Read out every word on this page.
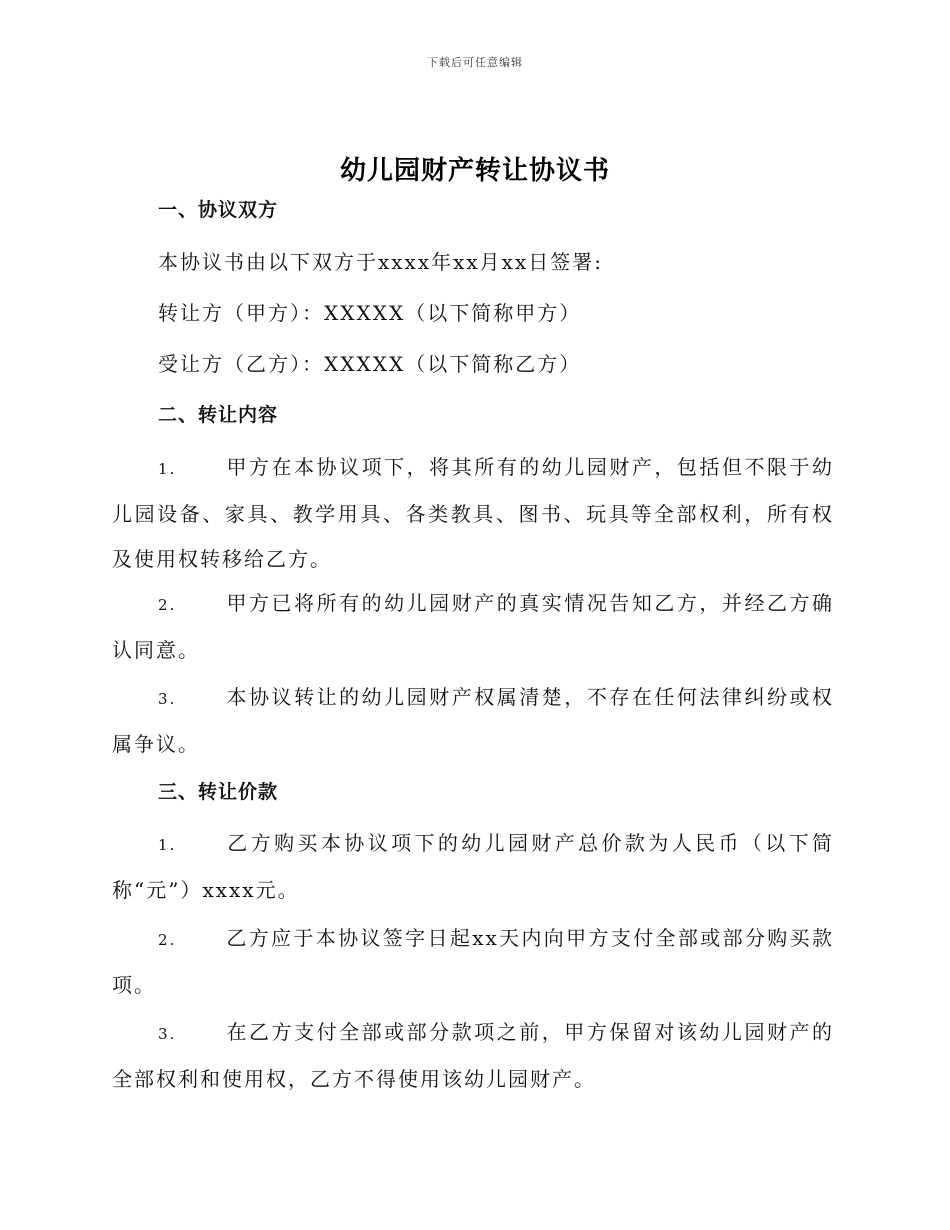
下载后可任意编辑
幼儿园财产转让协议书
一、协议双方
本协议书由以下双方于xxxx年xx月xx日签署:
转让方（甲方）：XXXXX（以下简称甲方）
受让方（乙方）：XXXXX（以下简称乙方）
二、转让内容
1. 甲方在本协议项下，将其所有的幼儿园财产，包括但不限于幼儿园设备、家具、教学用具、各类教具、图书、玩具等全部权利，所有权及使用权转移给乙方。
2. 甲方已将所有的幼儿园财产的真实情况告知乙方，并经乙方确认同意。
3. 本协议转让的幼儿园财产权属清楚，不存在任何法律纠纷或权属争议。
三、转让价款
1. 乙方购买本协议项下的幼儿园财产总价款为人民币（以下简称“元”）xxxx元。
2. 乙方应于本协议签字日起xx天内向甲方支付全部或部分购买款项。
3. 在乙方支付全部或部分款项之前，甲方保留对该幼儿园财产的全部权利和使用权，乙方不得使用该幼儿园财产。
